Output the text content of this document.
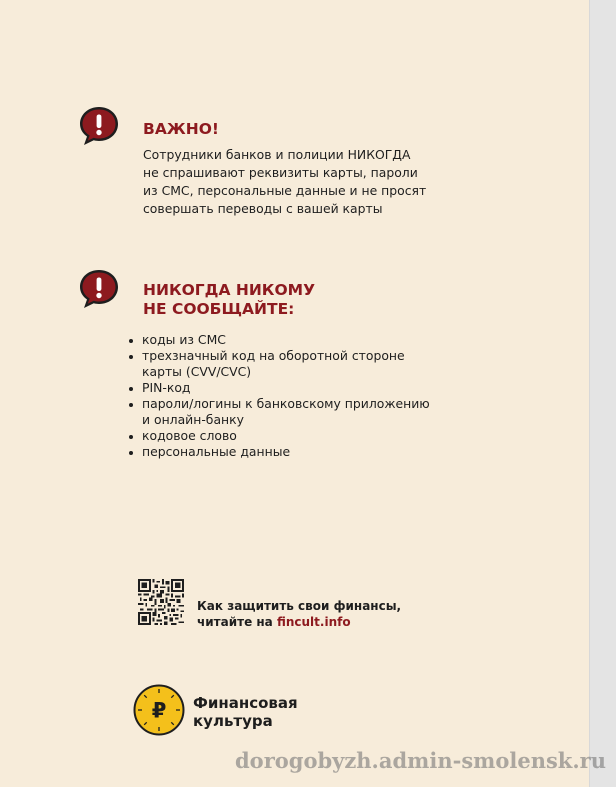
ВАЖНО!

Сотрудники банков и полиции НИКОГДА
не спрашивают реквизиты карты, пароли
из СМС, персональные данные и не просят
совершать переводы с вашей карты

НИКОГДА НИКОМУ
НЕ СООБЩАЙТЕ:
коды из СМС
трехзначный код на оборотной стороне
карты (CVV/CVC)
PIN-код
пароли/логины к банковскому приложению
и онлайн-банку
кодовое слово
персональные данные
Как защитить свои финансы,
читайте на fincult.info
₽ Финансовая
культура
dorogobyzh.admin-smolensk.ru
